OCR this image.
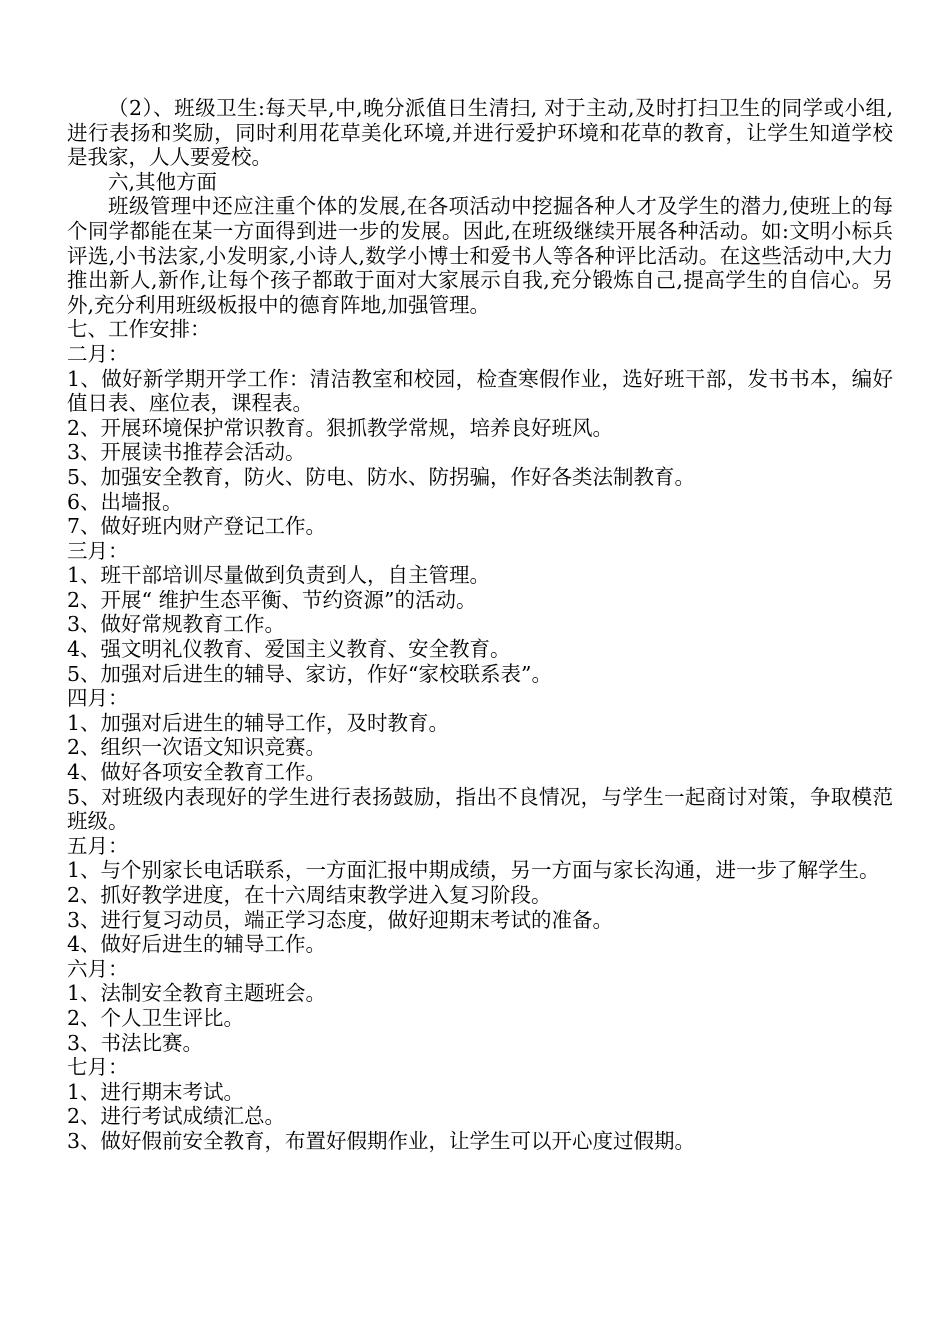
（2）、班级卫生:每天早,中,晚分派值日生清扫, 对于主动,及时打扫卫生的同学或小组,进行表扬和奖励，同时利用花草美化环境,并进行爱护环境和花草的教育，让学生知道学校是我家，人人要爱校。

六,其他方面

班级管理中还应注重个体的发展,在各项活动中挖掘各种人才及学生的潜力,使班上的每个同学都能在某一方面得到进一步的发展。因此,在班级继续开展各种活动。如:文明小标兵评选,小书法家,小发明家,小诗人,数学小博士和爱书人等各种评比活动。在这些活动中,大力推出新人,新作,让每个孩子都敢于面对大家展示自我,充分锻炼自己,提高学生的自信心。另外,充分利用班级板报中的德育阵地,加强管理。

七、工作安排：

二月：

1、做好新学期开学工作：清洁教室和校园，检查寒假作业，选好班干部，发书书本，编好值日表、座位表，课程表。

2、开展环境保护常识教育。狠抓教学常规，培养良好班风。

3、开展读书推荐会活动。

5、加强安全教育，防火、防电、防水、防拐骗，作好各类法制教育。

6、出墙报。

7、做好班内财产登记工作。

三月：

1、班干部培训尽量做到负责到人，自主管理。

2、开展“ 维护生态平衡、节约资源”的活动。

3、做好常规教育工作。

4、强文明礼仪教育、爱国主义教育、安全教育。

5、加强对后进生的辅导、家访，作好“家校联系表”。

四月：

1、加强对后进生的辅导工作，及时教育。

2、组织一次语文知识竞赛。

4、做好各项安全教育工作。

5、对班级内表现好的学生进行表扬鼓励，指出不良情况，与学生一起商讨对策，争取模范班级。

五月：

1、与个别家长电话联系，一方面汇报中期成绩，另一方面与家长沟通，进一步了解学生。

2、抓好教学进度，在十六周结束教学进入复习阶段。

3、进行复习动员，端正学习态度，做好迎期末考试的准备。

4、做好后进生的辅导工作。

六月：

1、法制安全教育主题班会。

2、个人卫生评比。

3、书法比赛。

七月：

1、进行期末考试。

2、进行考试成绩汇总。

3、做好假前安全教育，布置好假期作业，让学生可以开心度过假期。
